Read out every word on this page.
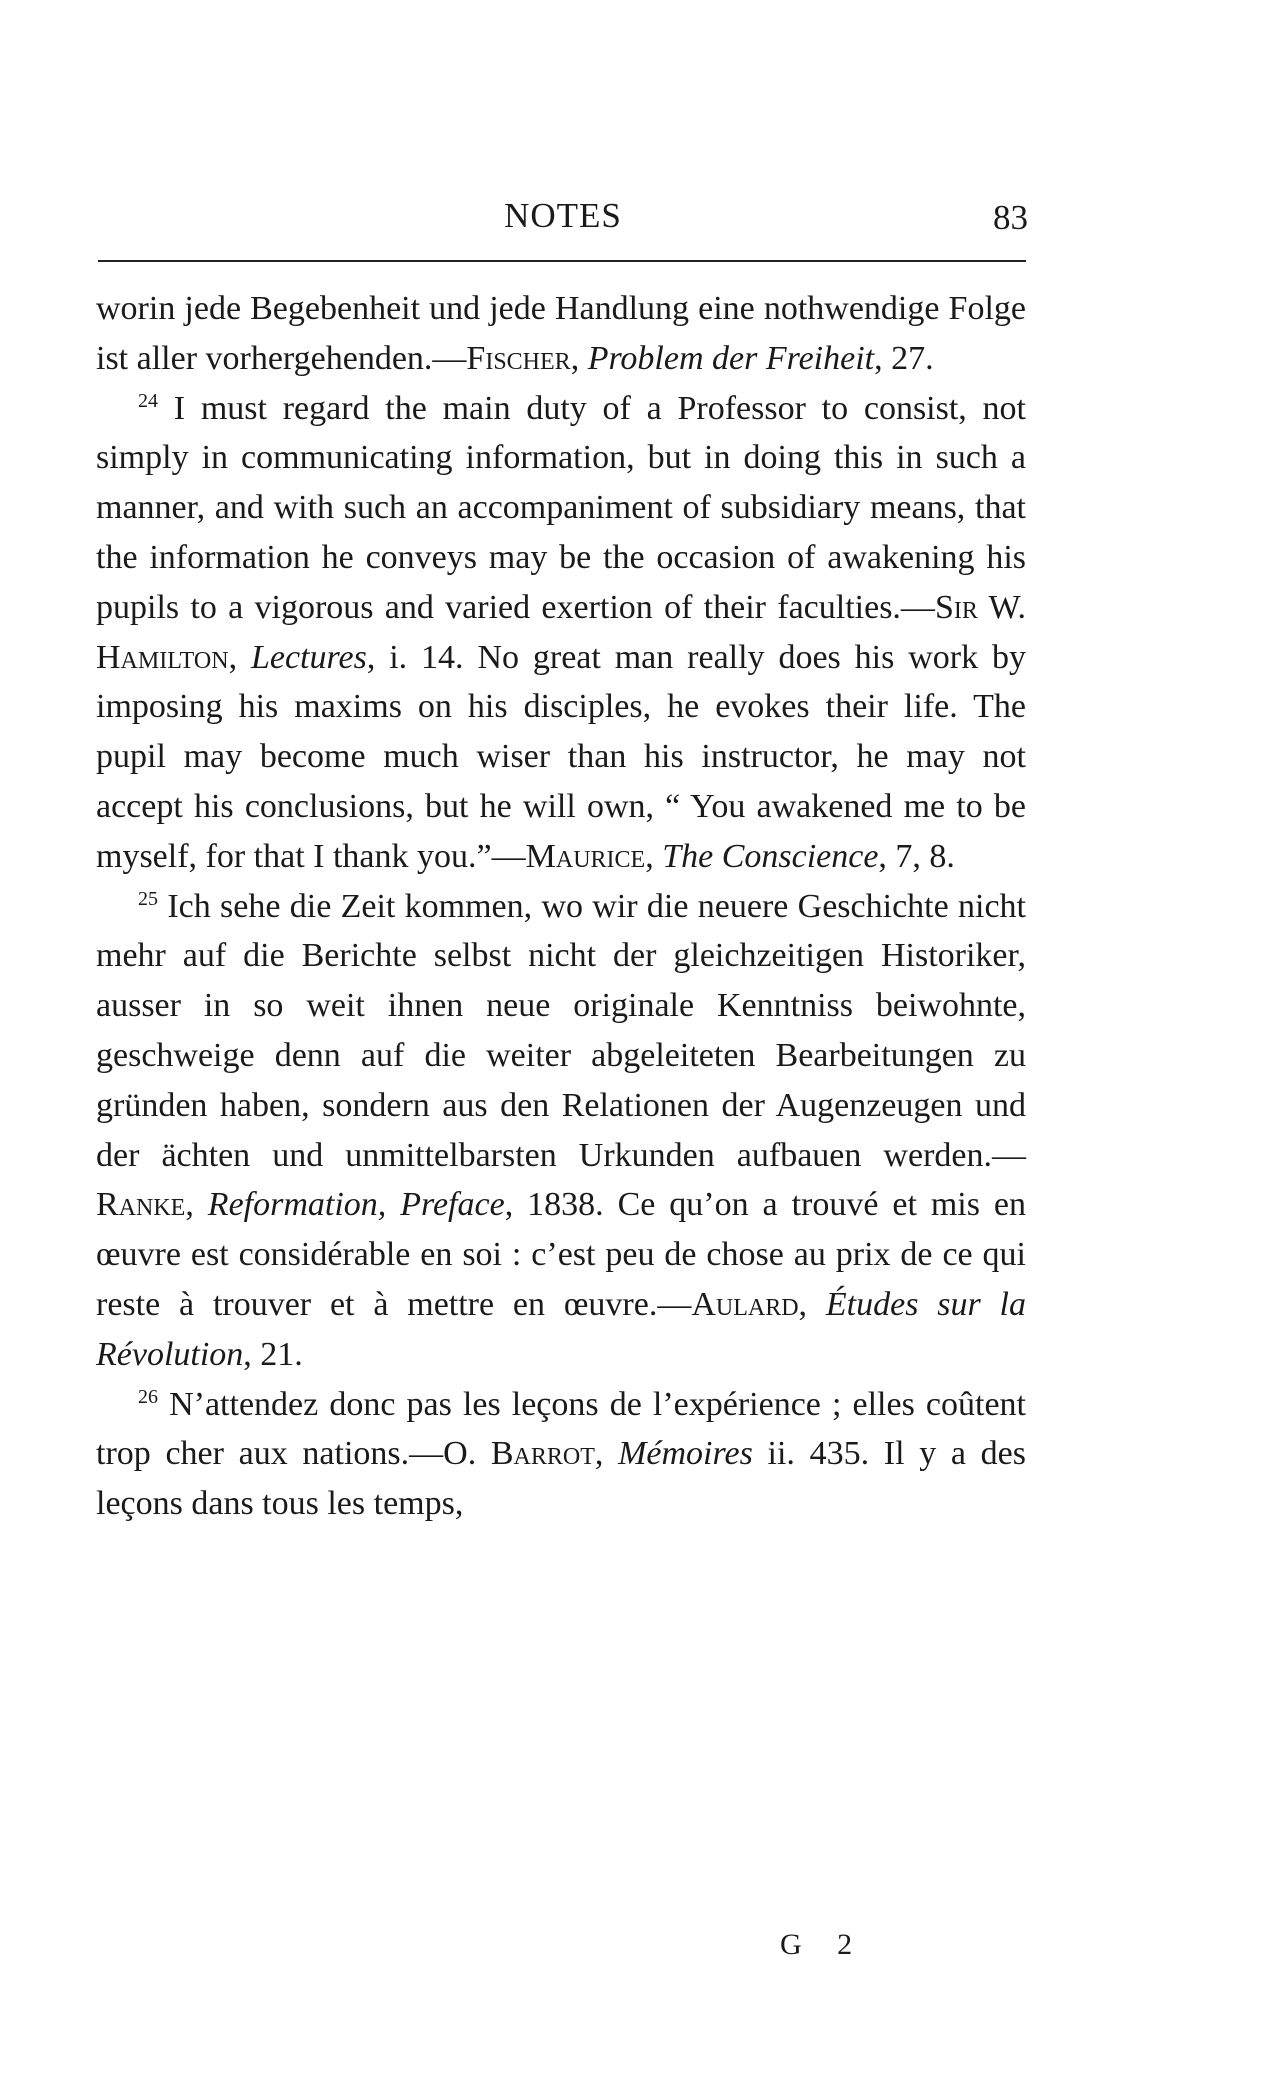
NOTES	83

worin jede Begebenheit und jede Handlung eine nothwendige Folge ist aller vorhergehenden.—Fischer, Problem der Freiheit, 27.

$^{24}$ I must regard the main duty of a Professor to consist, not simply in communicating information, but in doing this in such a manner, and with such an accompaniment of subsidiary means, that the information he conveys may be the occasion of awakening his pupils to a vigorous and varied exertion of their faculties.—Sir W. Hamilton, Lectures, i. 14. No great man really does his work by imposing his maxims on his disciples, he evokes their life. The pupil may become much wiser than his instructor, he may not accept his conclusions, but he will own, “ You awakened me to be myself, for that I thank you.”—Maurice, The Conscience, 7, 8.

$^{25}$ Ich sehe die Zeit kommen, wo wir die neuere Geschichte nicht mehr auf die Berichte selbst nicht der gleichzeitigen Historiker, ausser in so weit ihnen neue originale Kenntniss beiwohnte, geschweige denn auf die weiter abgeleiteten Bearbeitungen zu gründen haben, sondern aus den Relationen der Augenzeugen und der ächten und unmittelbarsten Urkunden aufbauen werden.—Ranke, Reformation, Preface, 1838. Ce qu’on a trouvé et mis en œuvre est considérable en soi : c’est peu de chose au prix de ce qui reste à trouver et à mettre en œuvre.—Aulard, Études sur la Révolution, 21.

$^{26}$ N’attendez donc pas les leçons de l’expérience ; elles coûtent trop cher aux nations.—O. Barrot, Mémoires ii. 435. Il y a des leçons dans tous les temps,

G 2
